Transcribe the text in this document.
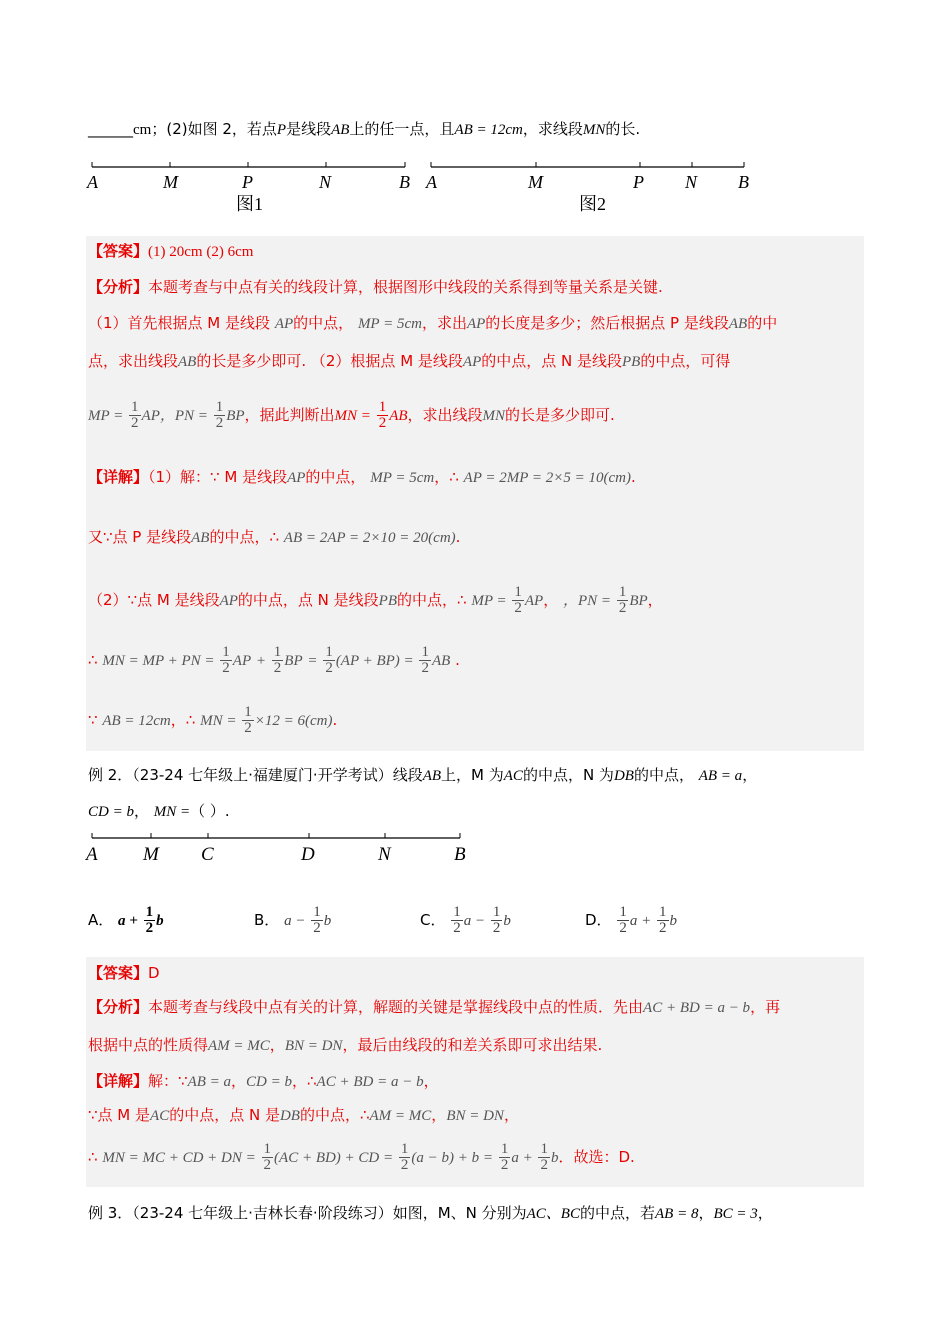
______cm；(2)如图 2，若点P是线段AB上的任一点，且AB = 12cm，求线段MN的长.
A	M	P	N	B
图1
A	M	P N B
图2
【答案】(1) 20cm (2) 6cm
【分析】本题考查与中点有关的线段计算，根据图形中线段的关系得到等量关系是关键.
（1）首先根据点 M 是线段 AP的中点， MP = 5cm，求出AP的长度是多少；然后根据点 P 是线段AB的中
点，求出线段AB的长是多少即可. （2）根据点 M 是线段AP的中点，点 N 是线段PB的中点，可得
MP = $\frac{1}{2}$ AP，PN = $\frac{1}{2}$ BP，据此判断出MN = $\frac{1}{2}$ AB，求出线段MN的长是多少即可.
【详解】（1）解：∵ M 是线段AP的中点， MP = 5cm，∴ AP = 2MP = 2×5 = 10(cm).
又∵点 P 是线段AB的中点，∴ AB = 2AP = 2×10 = 20(cm).
（2）∵点 M 是线段AP的中点，点 N 是线段PB的中点，∴ MP = $\frac{1}{2}$ AP， ，PN = $\frac{1}{2}$ BP，
∴ MN = MP + PN = $\frac{1}{2}$ AP + $\frac{1}{2}$ BP = $\frac{1}{2} (AP + BP) = \frac{1}{2}$ AB .
∵ AB = 12cm，∴ MN = $\frac{1}{2} \times 12 = 6(cm)$.
例 2．（23-24 七年级上·福建厦门·开学考试）线段AB上，M 为AC的中点，N 为DB的中点， AB = a，
CD = b， MN =（ ）.
A M C	D	N	B
A． $a + \frac{1}{2}$ b	B． $a - \frac{1}{2}$ b	C． $\frac{1}{2}$ $a - \frac{1}{2}$ b	D． $\frac{1}{2}$ $a + \frac{1}{2}$ b
【答案】D
【分析】本题考查与线段中点有关的计算，解题的关键是掌握线段中点的性质．先由AC + BD = a − b，再
根据中点的性质得AM = MC，BN = DN，最后由线段的和差关系即可求出结果.
【详解】解：∵AB = a，CD = b，∴AC + BD = a − b，
∵点 M 是AC的中点，点 N 是DB的中点，∴AM = MC，BN = DN，
∴ MN = MC + CD + DN = $\frac{1}{2} (AC + BD)$ + CD = $\frac{1}{2} (a - b) + b = \frac{1}{2}$ $a + \frac{1}{2}$ b．故选：D.
例 3．（23-24 七年级上·吉林长春·阶段练习）如图，M、N 分别为AC、BC的中点，若AB = 8，BC = 3，
